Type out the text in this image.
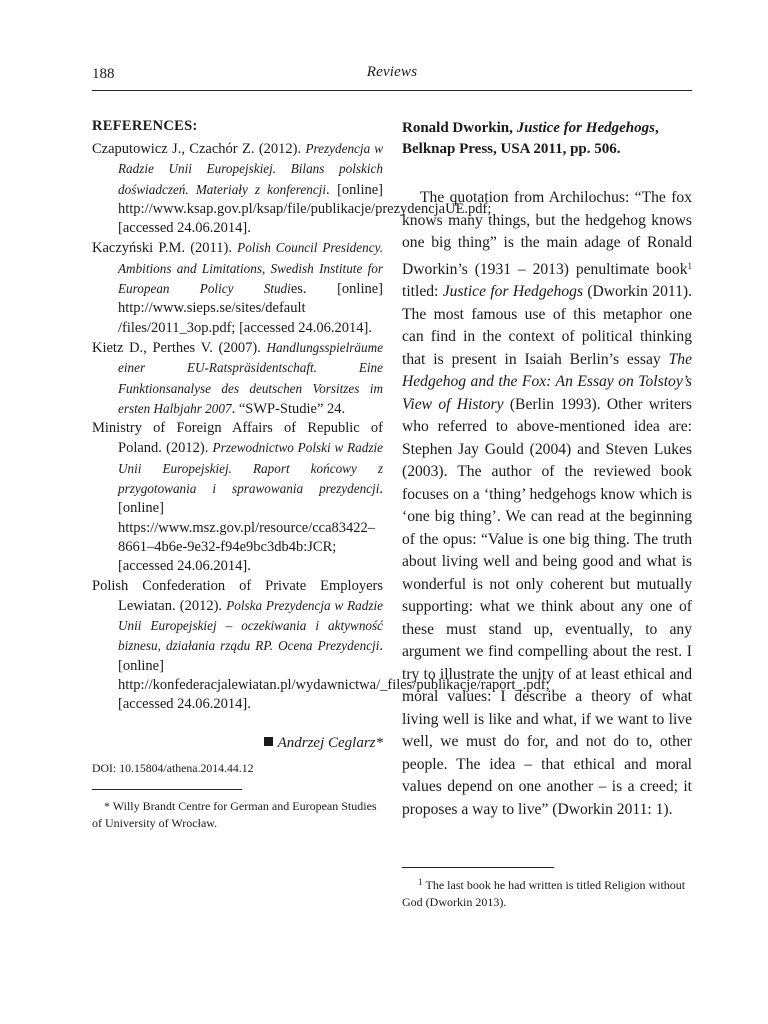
188	Reviews

REFERENCES:

Czaputowicz J., Czachór Z. (2012). Prezydencja w Radzie Unii Europejskiej. Bilans polskich doświadczeń. Materiały z konferencji. [online] http://www.ksap.gov.pl/ksap/file/publikacje/prezydencjaUE.pdf; [accessed 24.06.2014].

Kaczyński P.M. (2011). Polish Council Presidency. Ambitions and Limitations, Swedish Institute for European Policy Studies. [online] http://www.sieps.se/sites/default /files/2011_3op.pdf; [accessed 24.06.2014].

Kietz D., Perthes V. (2007). Handlungsspielräume einer EU-Ratspräsidentschaft. Eine Funktionsanalyse des deutschen Vorsitzes im ersten Halbjahr 2007. “SWP-Studie” 24.

Ministry of Foreign Affairs of Republic of Poland. (2012). Przewodnictwo Polski w Radzie Unii Europejskiej. Raport końcowy z przygotowania i sprawowania prezydencji. [online] https://www.msz.gov.pl/resource/cca83422–8661–4b6e-9e32-f94e9bc3db4b:JCR; [accessed 24.06.2014].

Polish Confederation of Private Employers Lewiatan. (2012). Polska Prezydencja w Radzie Unii Europejskiej – oczekiwania i aktywność biznesu, działania rządu RP. Ocena Prezydencji. [online] http://konfederacjalewiatan.pl/wydawnictwa/_files/publikacje/raport_.pdf; [accessed 24.06.2014].

Andrzej Ceglarz*
DOI: 10.15804/athena.2014.44.12
* Willy Brandt Centre for German and European Studies of University of Wrocław.

Ronald Dworkin, Justice for Hedgehogs, Belknap Press, USA 2011, pp. 506.

The quotation from Archilochus: “The fox knows many things, but the hedgehog knows one big thing” is the main adage of Ronald Dworkin’s (1931 – 2013) penultimate book$^1$ titled: Justice for Hedgehogs (Dworkin 2011). The most famous use of this metaphor one can find in the context of political thinking that is present in Isaiah Berlin’s essay The Hedgehog and the Fox: An Essay on Tolstoy’s View of History (Berlin 1993). Other writers who referred to above-mentioned idea are: Stephen Jay Gould (2004) and Steven Lukes (2003). The author of the reviewed book focuses on a ‘thing’ hedgehogs know which is ‘one big thing’. We can read at the beginning of the opus: “Value is one big thing. The truth about living well and being good and what is wonderful is not only coherent but mutually supporting: what we think about any one of these must stand up, eventually, to any argument we find compelling about the rest. I try to illustrate the unity of at least ethical and moral values: I describe a theory of what living well is like and what, if we want to live well, we must do for, and not do to, other people. The idea – that ethical and moral values depend on one another – is a creed; it proposes a way to live” (Dworkin 2011: 1).

$^1$ The last book he had written is titled Religion without God (Dworkin 2013).
